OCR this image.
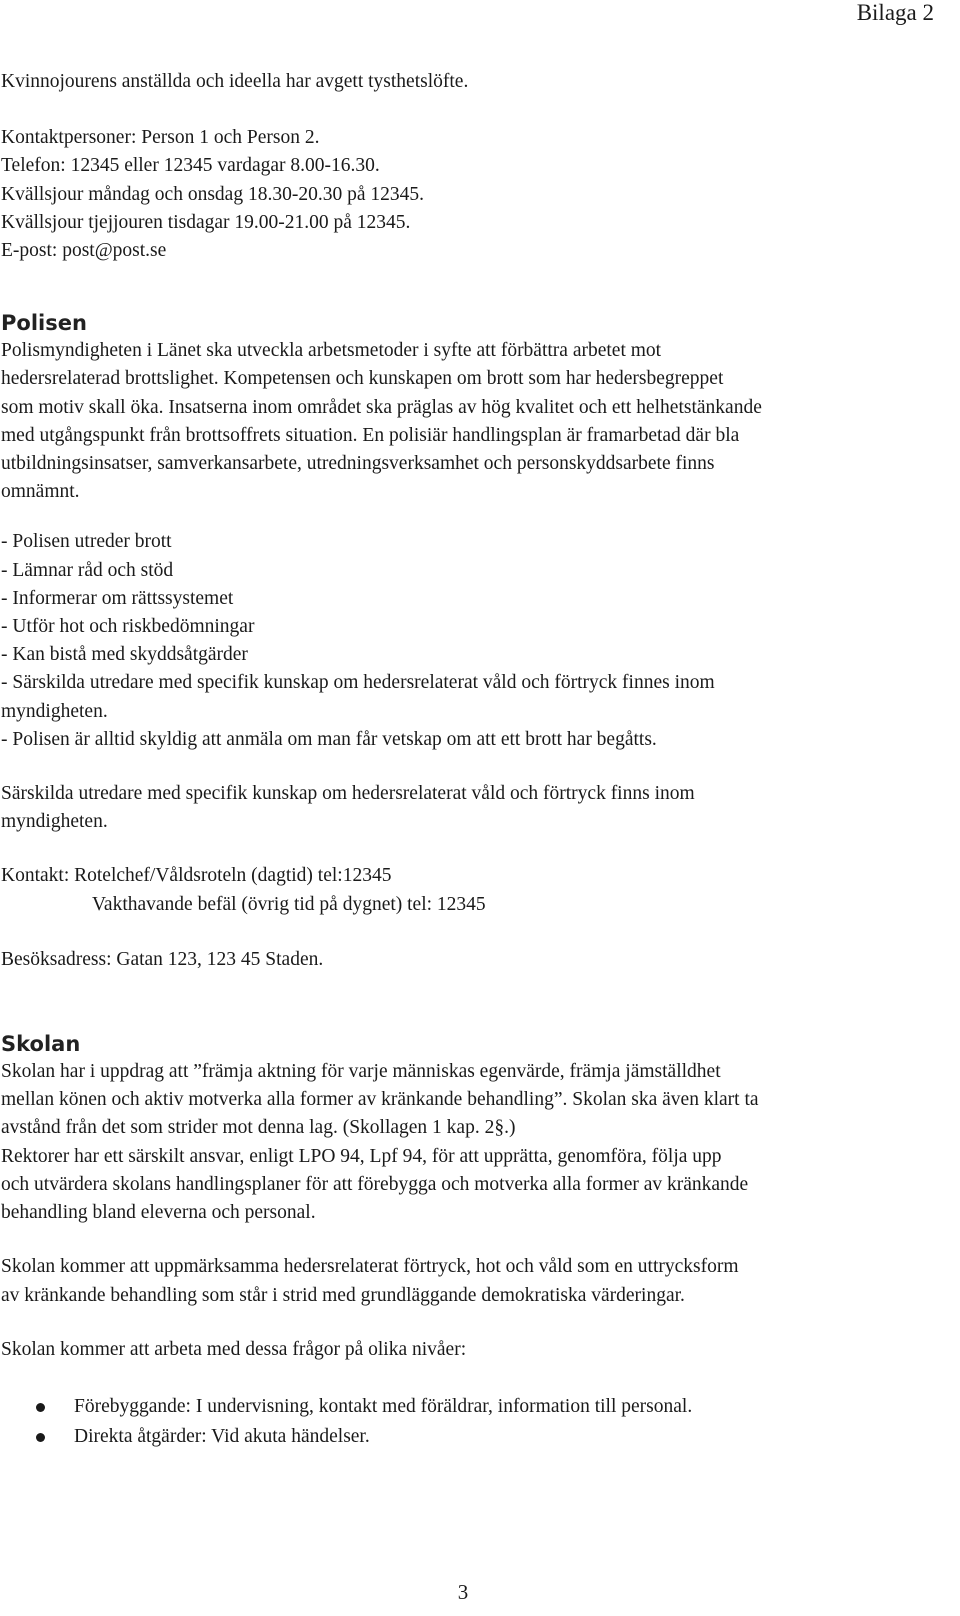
Bilaga 2

Kvinnojourens anställda och ideella har avgett tysthetslöfte.

Kontaktpersoner: Person 1 och Person 2.
Telefon: 12345 eller 12345 vardagar 8.00-16.30.
Kvällsjour måndag och onsdag 18.30-20.30 på 12345.
Kvällsjour tjejjouren tisdagar 19.00-21.00 på 12345.
E-post: post@post.se

Polisen

Polismyndigheten i Länet ska utveckla arbetsmetoder i syfte att förbättra arbetet mot
hedersrelaterad brottslighet. Kompetensen och kunskapen om brott som har hedersbegreppet
som motiv skall öka. Insatserna inom området ska präglas av hög kvalitet och ett helhetstänkande
med utgångspunkt från brottsoffrets situation. En polisiär handlingsplan är framarbetad där bla
utbildningsinsatser, samverkansarbete, utredningsverksamhet och personskyddsarbete finns
omnämnt.

- Polisen utreder brott
- Lämnar råd och stöd
- Informerar om rättssystemet
- Utför hot och riskbedömningar
- Kan bistå med skyddsåtgärder
- Särskilda utredare med specifik kunskap om hedersrelaterat våld och förtryck finnes inom
myndigheten.
- Polisen är alltid skyldig att anmäla om man får vetskap om att ett brott har begåtts.

Särskilda utredare med specifik kunskap om hedersrelaterat våld och förtryck finns inom
myndigheten.

Kontakt: Rotelchef/Våldsroteln (dagtid) tel:12345
Vakthavande befäl (övrig tid på dygnet) tel: 12345

Besöksadress: Gatan 123, 123 45 Staden.

Skolan

Skolan har i uppdrag att ”främja aktning för varje människas egenvärde, främja jämställdhet
mellan könen och aktiv motverka alla former av kränkande behandling”. Skolan ska även klart ta
avstånd från det som strider mot denna lag. (Skollagen 1 kap. 2§.)
Rektorer har ett särskilt ansvar, enligt LPO 94, Lpf 94, för att upprätta, genomföra, följa upp
och utvärdera skolans handlingsplaner för att förebygga och motverka alla former av kränkande
behandling bland eleverna och personal.

Skolan kommer att uppmärksamma hedersrelaterat förtryck, hot och våld som en uttrycksform
av kränkande behandling som står i strid med grundläggande demokratiska värderingar.

Skolan kommer att arbeta med dessa frågor på olika nivåer:

Förebyggande: I undervisning, kontakt med föräldrar, information till personal.
Direkta åtgärder: Vid akuta händelser.
3
